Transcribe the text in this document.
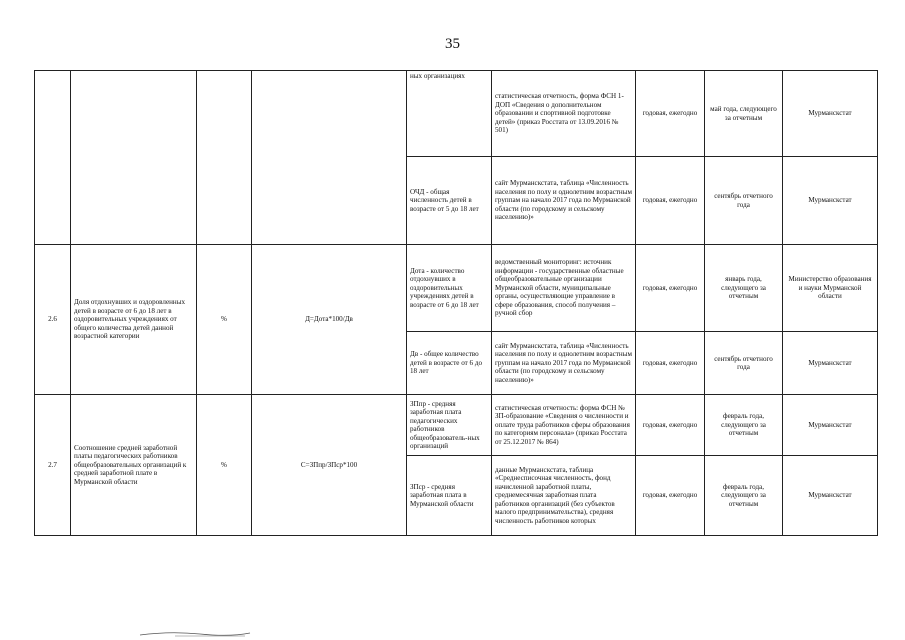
35
				ных организациях	статистическая отчетность, форма ФСН 1-ДОП «Сведения о дополнительном образовании и спортивной подготовке детей» (приказ Росстата от 13.09.2016 № 501)	годовая, ежегодно	май года, следующего за отчетным	Мурманскстат
				ОЧД - общая численность детей в возрасте от 5 до 18 лет	сайт Мурманскстата, таблица «Численность населения по полу и однолетним возрастным группам на начало 2017 года по Мурманской области (по городскому и сельскому населению)»	годовая, ежегодно	сентябрь отчетного года	Мурманскстат
2.6	Доля отдохнувших и оздоровленных детей в возрасте от 6 до 18 лет в оздоровительных учреждениях от общего количества детей данной возрастной категории	%	Д=Дота*100/Дв	Дота - количество отдохнувших в оздоровительных учреждениях детей в возрасте от 6 до 18 лет	ведомственный мониторинг: источник информации - государственные областные общеобразовательные организации Мурманской области, муниципальные органы, осуществляющие управление в сфере образования, способ получения – ручной сбор	годовая, ежегодно	январь года, следующего за отчетным	Министерство образования и науки Мурманской области
				Дв - общее количество детей в возрасте от 6 до 18 лет	сайт Мурманскстата, таблица «Численность населения по полу и однолетним возрастным группам на начало 2017 года по Мурманской области (по городскому и сельскому населению)»	годовая, ежегодно	сентябрь отчетного года	Мурманскстат
2.7	Соотношение средней заработной платы педагогических работников общеобразовательных организаций к средней заработной плате в Мурманской области	%	С=ЗПпр/ЗПср*100	ЗПпр - средняя заработная плата педагогических работников общеобразователь-ных организаций	статистическая отчетность: форма ФСН № ЗП-образование «Сведения о численности и оплате труда работников сферы образования по категориям персонала» (приказ Росстата от 25.12.2017 № 864)	годовая, ежегодно	февраль года, следующего за отчетным	Мурманскстат
				ЗПср - средняя заработная плата в Мурманской области	данные Мурманскстата, таблица «Среднесписочная численность, фонд начисленной заработной платы, среднемесячная заработная плата работников организаций (без субъектов малого предпринимательства), средняя численность работников которых	годовая, ежегодно	февраль года, следующего за отчетным	Мурманскстат
